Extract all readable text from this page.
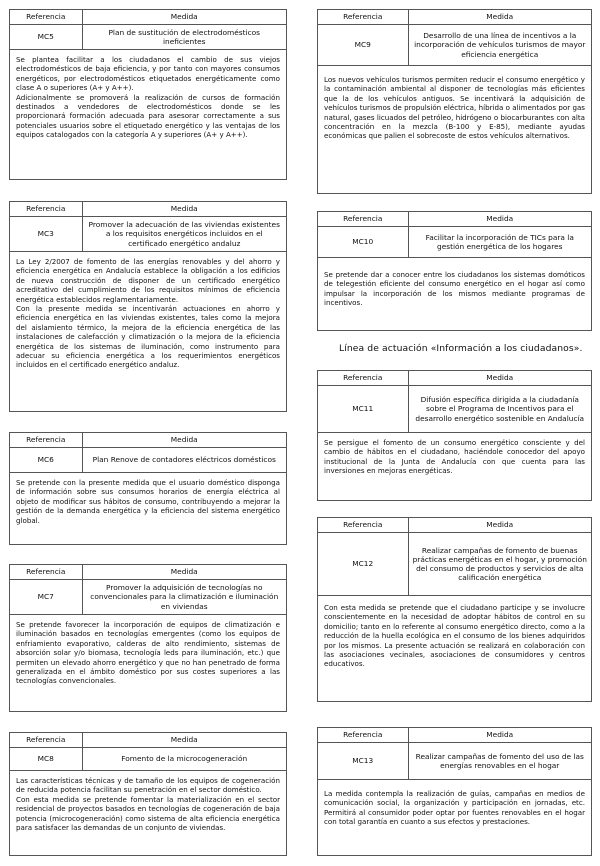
Referencia	Medida
MC5	Plan de sustitución de electrodomésticos ineficientes

Se plantea facilitar a los ciudadanos el cambio de sus viejos electrodomésticos de baja eficiencia, y por tanto con mayores consumos energéticos, por electrodomésticos etiquetados energéticamente como clase A o superiores (A+ y A++).

Adicionalmente se promoverá la realización de cursos de formación destinados a vendedores de electrodomésticos donde se les proporcionará formación adecuada para asesorar correctamente a sus potenciales usuarios sobre el etiquetado energético y las ventajas de los equipos catalogados con la categoría A y superiores (A+ y A++).

Referencia	Medida
MC3	Promover la adecuación de las viviendas existentes a los requisitos energéticos incluidos en el certificado energético andaluz

La Ley 2/2007 de fomento de las energías renovables y del ahorro y eficiencia energética en Andalucía establece la obligación a los edificios de nueva construcción de disponer de un certificado energético acreditativo del cumplimiento de los requisitos mínimos de eficiencia energética establecidos reglamentariamente.

Con la presente medida se incentivarán actuaciones en ahorro y eficiencia energética en las viviendas existentes, tales como la mejora del aislamiento térmico, la mejora de la eficiencia energética de las instalaciones de calefacción y climatización o la mejora de la eficiencia energética de los sistemas de iluminación, como instrumento para adecuar su eficiencia energética a los requerimientos energéticos incluidos en el certificado energético andaluz.

Referencia	Medida
MC6	Plan Renove de contadores eléctricos domésticos

Se pretende con la presente medida que el usuario doméstico disponga de información sobre sus consumos horarios de energía eléctrica al objeto de modificar sus hábitos de consumo, contribuyendo a mejorar la gestión de la demanda energética y la eficiencia del sistema energético global.

Referencia	Medida
MC7	Promover la adquisición de tecnologías no convencionales para la climatización e iluminación en viviendas

Se pretende favorecer la incorporación de equipos de climatización e iluminación basados en tecnologías emergentes (como los equipos de enfriamiento evaporativo, calderas de alto rendimiento, sistemas de absorción solar y/o biomasa, tecnología leds para iluminación, etc.) que permiten un elevado ahorro energético y que no han penetrado de forma generalizada en el ámbito doméstico por sus costes superiores a las tecnologías convencionales.

Referencia	Medida
MC8	Fomento de la microcogeneración

Las características técnicas y de tamaño de los equipos de cogeneración de reducida potencia facilitan su penetración en el sector doméstico.

Con esta medida se pretende fomentar la materialización en el sector residencial de proyectos basados en tecnologías de cogeneración de baja potencia (microcogeneración) como sistema de alta eficiencia energética para satisfacer las demandas de un conjunto de viviendas.

Referencia	Medida
MC9	Desarrollo de una línea de incentivos a la incorporación de vehículos turismos de mayor eficiencia energética

Los nuevos vehículos turismos permiten reducir el consumo energético y la contaminación ambiental al disponer de tecnologías más eficientes que la de los vehículos antiguos. Se incentivará la adquisición de vehículos turismos de propulsión eléctrica, híbrida o alimentados por gas natural, gases licuados del petróleo, hidrógeno o biocarburantes con alta concentración en la mezcla (B-100 y E-85), mediante ayudas económicas que palien el sobrecoste de estos vehículos alternativos.

Referencia	Medida
MC10	Facilitar la incorporación de TICs para la gestión energética de los hogares

Se pretende dar a conocer entre los ciudadanos los sistemas domóticos de telegestión eficiente del consumo energético en el hogar así como impulsar la incorporación de los mismos mediante programas de incentivos.

Línea de actuación «Información a los ciudadanos».
Referencia	Medida
MC11	Difusión específica dirigida a la ciudadanía sobre el Programa de Incentivos para el desarrollo energético sostenible en Andalucía

Se persigue el fomento de un consumo energético consciente y del cambio de hábitos en el ciudadano, haciéndole conocedor del apoyo institucional de la Junta de Andalucía con que cuenta para las inversiones en mejoras energéticas.

Referencia	Medida
MC12	Realizar campañas de fomento de buenas prácticas energéticas en el hogar, y promoción del consumo de productos y servicios de alta calificación energética

Con esta medida se pretende que el ciudadano participe y se involucre conscientemente en la necesidad de adoptar hábitos de control en su domicilio; tanto en lo referente al consumo energético directo, como a la reducción de la huella ecológica en el consumo de los bienes adquiridos por los mismos. La presente actuación se realizará en colaboración con las asociaciones vecinales, asociaciones de consumidores y centros educativos.

Referencia	Medida
MC13	Realizar campañas de fomento del uso de las energías renovables en el hogar

La medida contempla la realización de guías, campañas en medios de comunicación social, la organización y participación en jornadas, etc. Permitirá al consumidor poder optar por fuentes renovables en el hogar con total garantía en cuanto a sus efectos y prestaciones.
